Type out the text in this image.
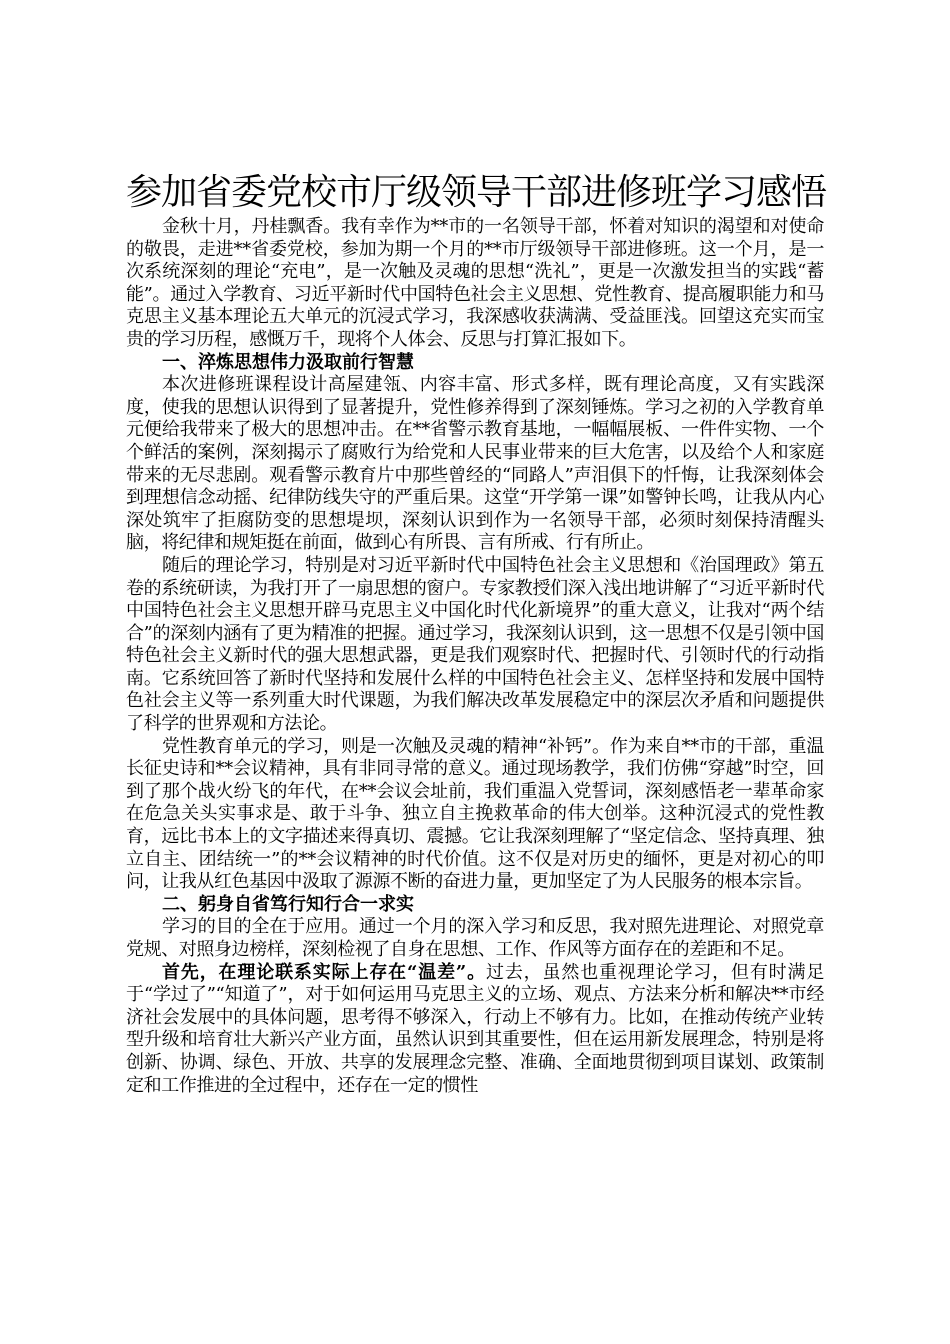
参加省委党校市厅级领导干部进修班学习感悟

金秋十月，丹桂飘香。我有幸作为**市的一名领导干部，怀着对知识的渴望和对使命的敬畏，走进**省委党校，参加为期一个月的**市厅级领导干部进修班。这一个月，是一次系统深刻的理论“充电”，是一次触及灵魂的思想“洗礼”，更是一次激发担当的实践“蓄能”。通过入学教育、习近平新时代中国特色社会主义思想、党性教育、提高履职能力和马克思主义基本理论五大单元的沉浸式学习，我深感收获满满、受益匪浅。回望这充实而宝贵的学习历程，感慨万千，现将个人体会、反思与打算汇报如下。

一、淬炼思想伟力汲取前行智慧

本次进修班课程设计高屋建瓴、内容丰富、形式多样，既有理论高度，又有实践深度，使我的思想认识得到了显著提升，党性修养得到了深刻锤炼。学习之初的入学教育单元便给我带来了极大的思想冲击。在**省警示教育基地，一幅幅展板、一件件实物、一个个鲜活的案例，深刻揭示了腐败行为给党和人民事业带来的巨大危害，以及给个人和家庭带来的无尽悲剧。观看警示教育片中那些曾经的“同路人”声泪俱下的忏悔，让我深刻体会到理想信念动摇、纪律防线失守的严重后果。这堂“开学第一课”如警钟长鸣，让我从内心深处筑牢了拒腐防变的思想堤坝，深刻认识到作为一名领导干部，必须时刻保持清醒头脑，将纪律和规矩挺在前面，做到心有所畏、言有所戒、行有所止。

随后的理论学习，特别是对习近平新时代中国特色社会主义思想和《治国理政》第五卷的系统研读，为我打开了一扇思想的窗户。专家教授们深入浅出地讲解了“习近平新时代中国特色社会主义思想开辟马克思主义中国化时代化新境界”的重大意义，让我对“两个结合”的深刻内涵有了更为精准的把握。通过学习，我深刻认识到，这一思想不仅是引领中国特色社会主义新时代的强大思想武器，更是我们观察时代、把握时代、引领时代的行动指南。它系统回答了新时代坚持和发展什么样的中国特色社会主义、怎样坚持和发展中国特色社会主义等一系列重大时代课题，为我们解决改革发展稳定中的深层次矛盾和问题提供了科学的世界观和方法论。

党性教育单元的学习，则是一次触及灵魂的精神“补钙”。作为来自**市的干部，重温长征史诗和**会议精神，具有非同寻常的意义。通过现场教学，我们仿佛“穿越”时空，回到了那个战火纷飞的年代，在**会议会址前，我们重温入党誓词，深刻感悟老一辈革命家在危急关头实事求是、敢于斗争、独立自主挽救革命的伟大创举。这种沉浸式的党性教育，远比书本上的文字描述来得真切、震撼。它让我深刻理解了“坚定信念、坚持真理、独立自主、团结统一”的**会议精神的时代价值。这不仅是对历史的缅怀，更是对初心的叩问，让我从红色基因中汲取了源源不断的奋进力量，更加坚定了为人民服务的根本宗旨。

二、躬身自省笃行知行合一求实

学习的目的全在于应用。通过一个月的深入学习和反思，我对照先进理论、对照党章党规、对照身边榜样，深刻检视了自身在思想、工作、作风等方面存在的差距和不足。

首先，在理论联系实际上存在“温差”。过去，虽然也重视理论学习，但有时满足于“学过了”“知道了”，对于如何运用马克思主义的立场、观点、方法来分析和解决**市经济社会发展中的具体问题，思考得不够深入，行动上不够有力。比如，在推动传统产业转型升级和培育壮大新兴产业方面，虽然认识到其重要性，但在运用新发展理念，特别是将创新、协调、绿色、开放、共享的发展理念完整、准确、全面地贯彻到项目谋划、政策制定和工作推进的全过程中，还存在一定的惯性
